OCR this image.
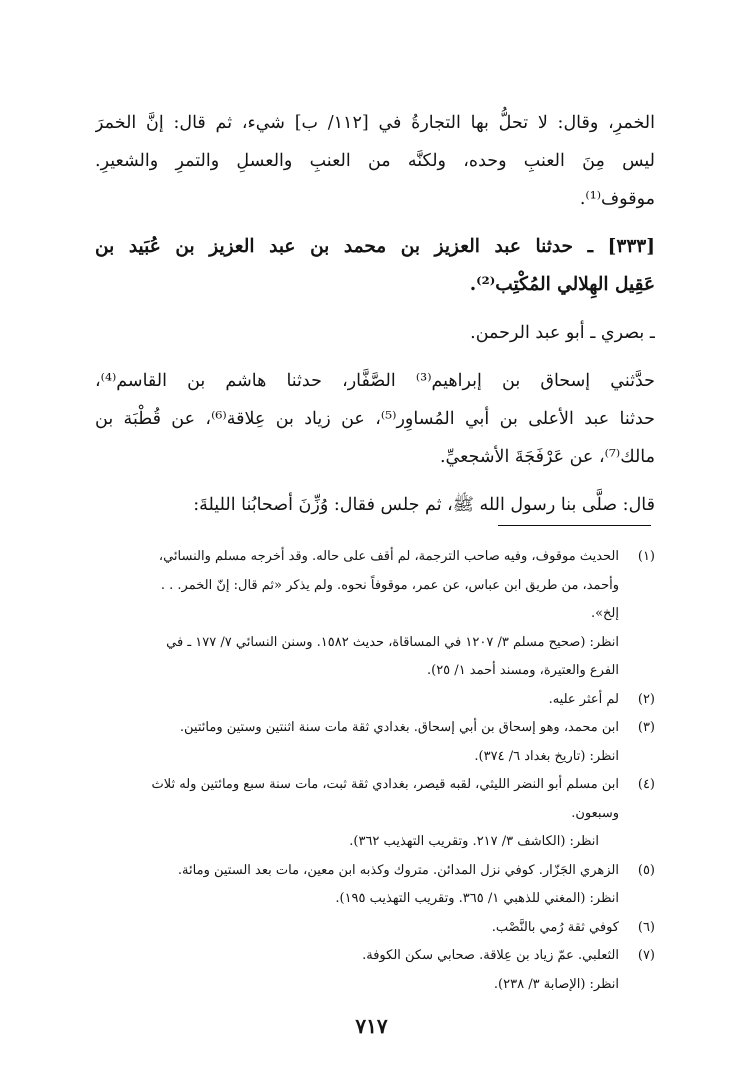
الخمرِ، وقال: لا تحلُّ بها التجارةُ في [١١٢/ ب] شيء، ثم قال: إنَّ الخمرَ
ليس مِنَ العنبِ وحده، ولكنَّه من العنبِ والعسلِ والتمرِ والشعيرِ.
موقوف⁽¹⁾.
[٣٣٣] ـ حدثنا عبد العزيز بن محمد بن عبد العزيز بن عُبَيد بن
عَقِيل الهِلالي المُكْتِب⁽²⁾.
ـ بصري ـ أبو عبد الرحمن.
حدَّثني إسحاق بن إبراهيم⁽³⁾ الصَّفَّار، حدثنا هاشم بن القاسم⁽⁴⁾،
حدثنا عبد الأعلى بن أبي المُساوِر⁽⁵⁾، عن زياد بن عِلاقة⁽⁶⁾، عن قُطْبَة بن
مالك⁽⁷⁾، عن عَرْفَجَةَ الأشجعيِّ.
قال: صلَّى بنا رسول الله ﷺ، ثم جلس فقال: وُزِّنَ أصحابُنا الليلةَ:
(١)الحديث موقوف، وفيه صاحب الترجمة، لم أقف على حاله. وقد أخرجه مسلم والنسائي،
وأحمد، من طريق ابن عباس، عن عمر، موقوفاً نحوه. ولم يذكر «ثم قال: إنّ الخمر. . .
إلخ».
انظر: (صحيح مسلم ٣/ ١٢٠٧ في المساقاة، حديث ١٥٨٢. وسنن النسائي ٧/ ١٧٧ ـ في
الفرع والعتيرة، ومسند أحمد ١/ ٢٥).
(٢)لم أعثر عليه.
(٣)ابن محمد، وهو إسحاق بن أبي إسحاق. بغدادي ثقة مات سنة اثنتين وستين ومائتين.
انظر: (تاريخ بغداد ٦/ ٣٧٤).
(٤)ابن مسلم أبو النضر الليثي، لقبه قيصر، بغدادي ثقة ثبت، مات سنة سبع ومائتين وله ثلاث
وسبعون.
انظر: (الكاشف ٣/ ٢١٧. وتقريب التهذيب ٣٦٢).
(٥)الزهري الجَزّار. كوفي نزل المدائن. متروك وكذبه ابن معين، مات بعد الستين ومائة.
انظر: (المغني للذهبي ١/ ٣٦٥. وتقريب التهذيب ١٩٥).
(٦)كوفي ثقة رُمي بالنَّصْب.
(٧)الثعلبي. عمّ زياد بن عِلاقة. صحابي سكن الكوفة.
انظر: (الإصابة ٣/ ٢٣٨).
٧١٧
